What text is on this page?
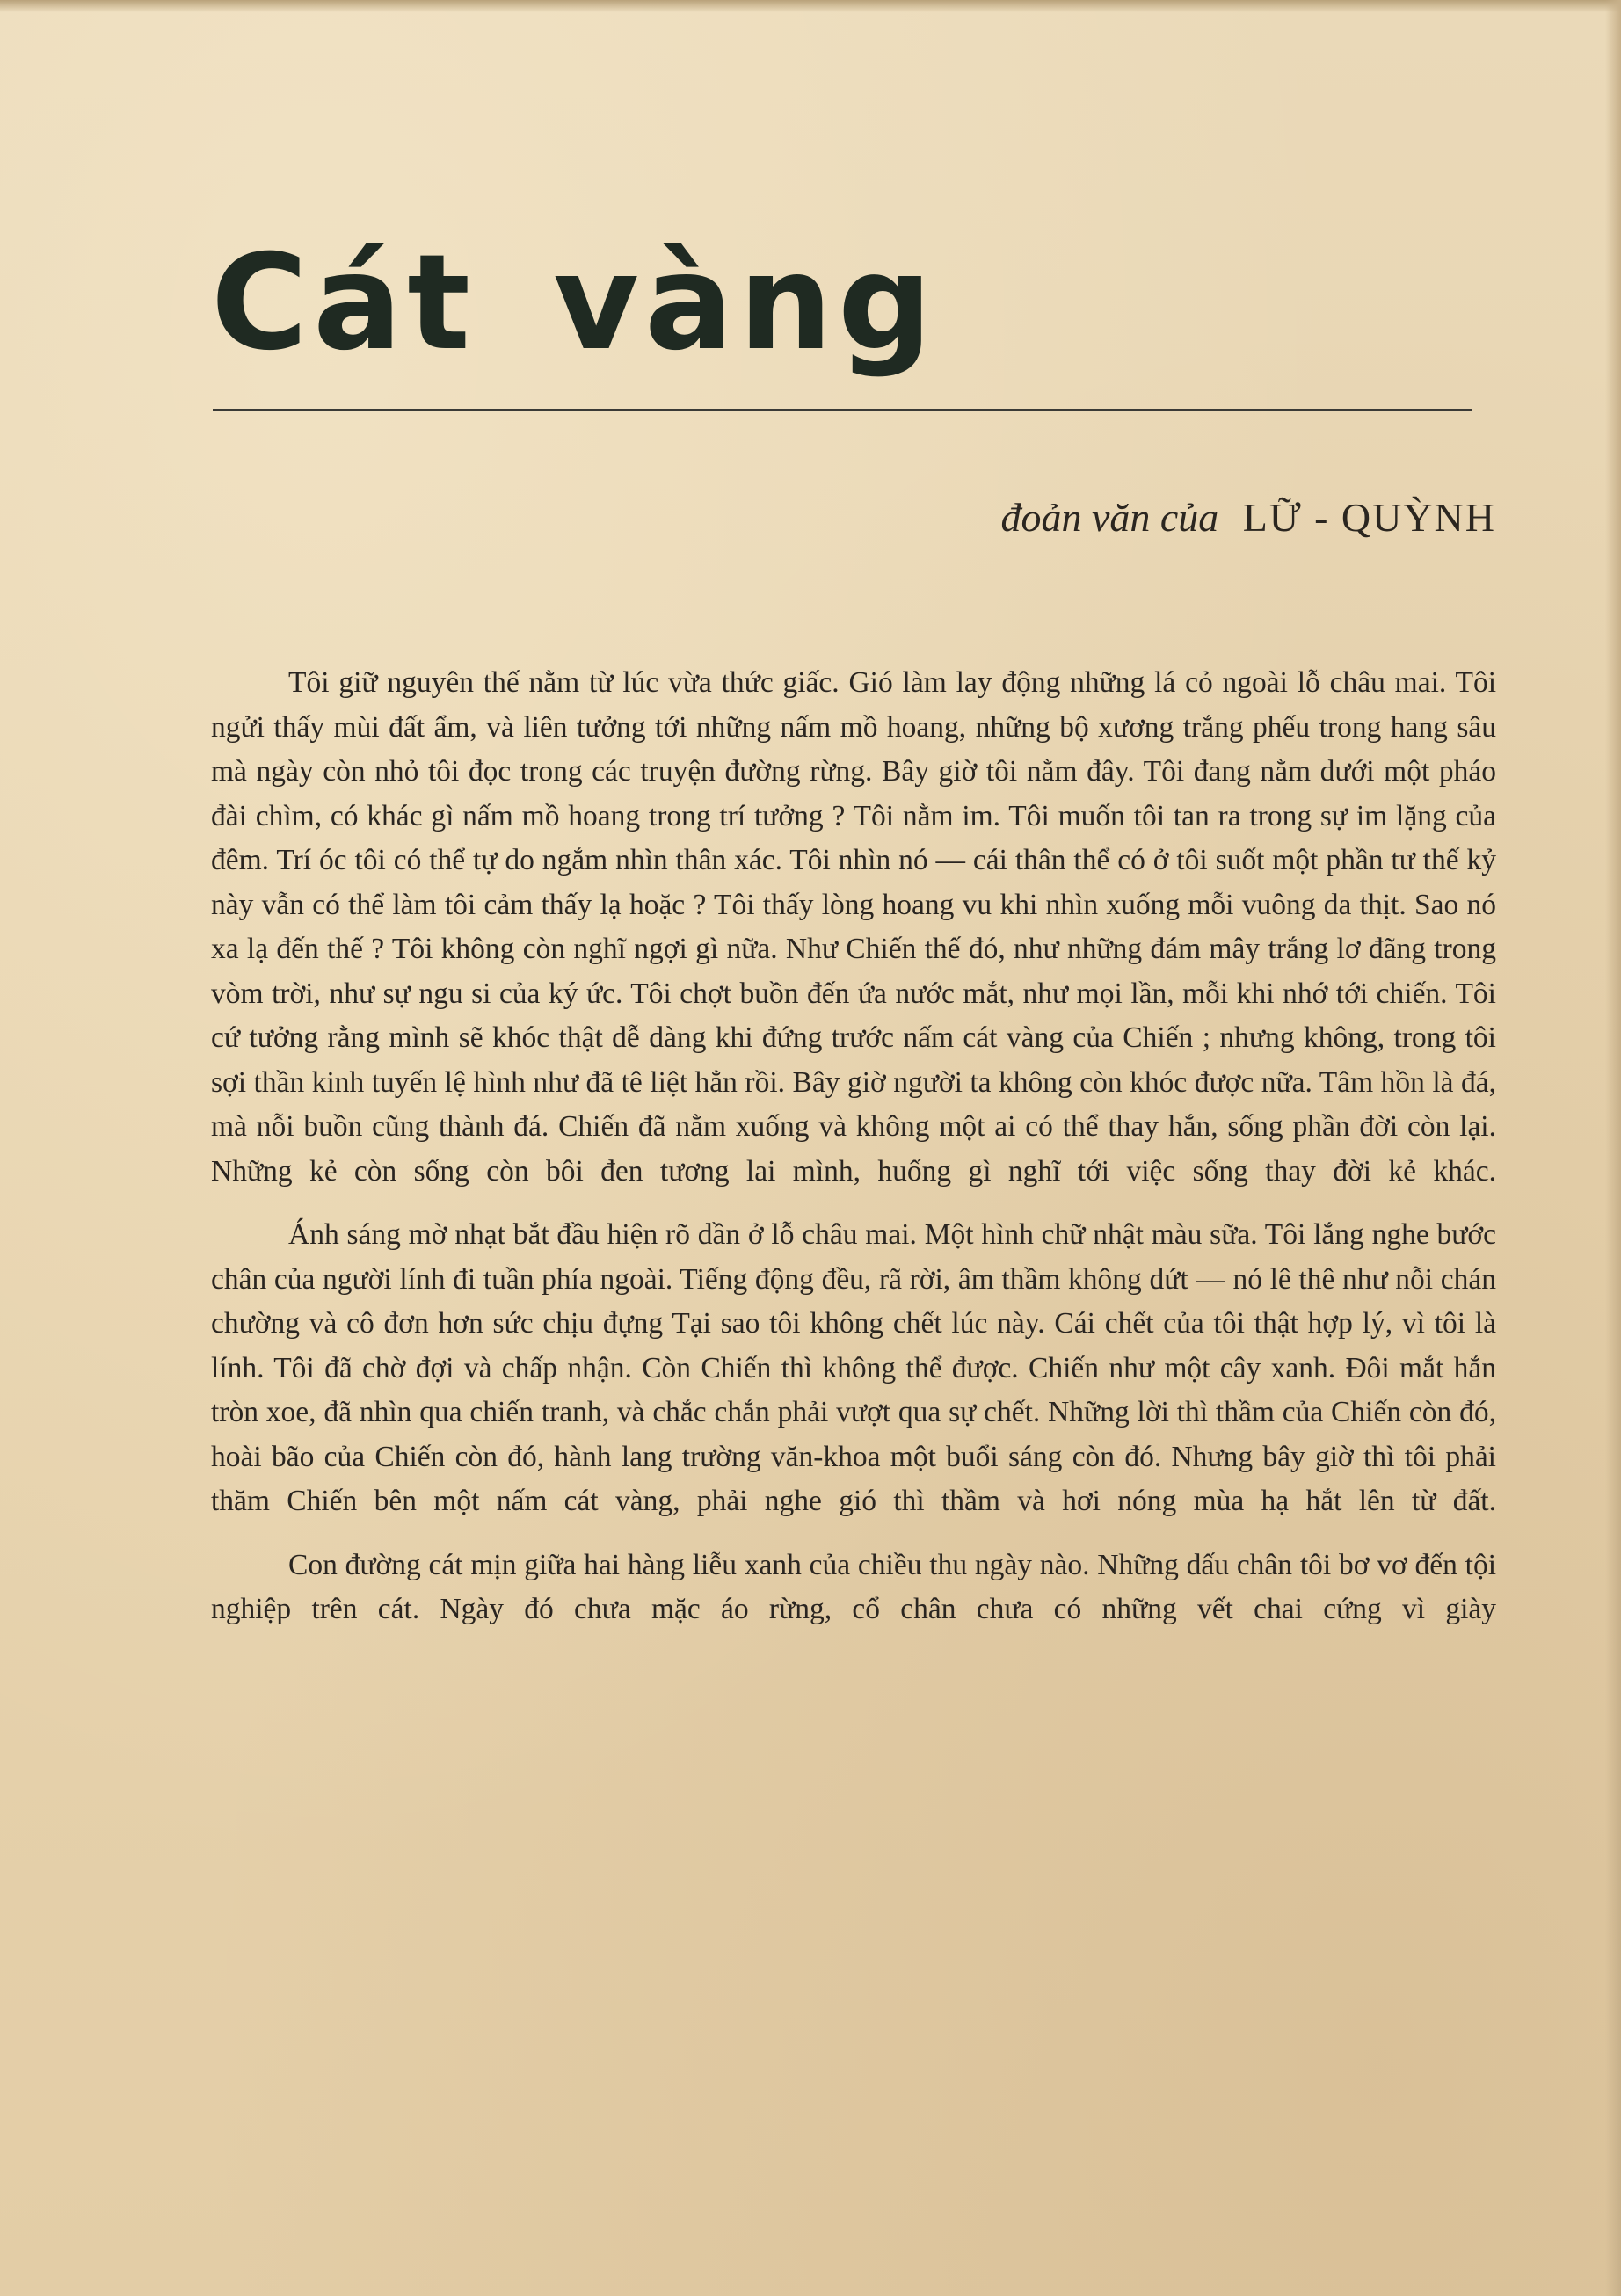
Cát vàng
đoản văn của LỮ - QUỲNH

Tôi giữ nguyên thế nằm từ lúc vừa thức giấc. Gió làm lay động những lá cỏ ngoài lỗ châu mai. Tôi ngửi thấy mùi đất ẩm, và liên tưởng tới những nấm mồ hoang, những bộ xương trắng phếu trong hang sâu mà ngày còn nhỏ tôi đọc trong các truyện đường rừng. Bây giờ tôi nằm đây. Tôi đang nằm dưới một pháo đài chìm, có khác gì nấm mồ hoang trong trí tưởng ? Tôi nằm im. Tôi muốn tôi tan ra trong sự im lặng của đêm. Trí óc tôi có thể tự do ngắm nhìn thân xác. Tôi nhìn nó — cái thân thể có ở tôi suốt một phần tư thế kỷ này vẫn có thể làm tôi cảm thấy lạ hoặc ? Tôi thấy lòng hoang vu khi nhìn xuống mỗi vuông da thịt. Sao nó xa lạ đến thế ? Tôi không còn nghĩ ngợi gì nữa. Như Chiến thế đó, như những đám mây trắng lơ đãng trong vòm trời, như sự ngu si của ký ức. Tôi chợt buồn đến ứa nước mắt, như mọi lần, mỗi khi nhớ tới chiến. Tôi cứ tưởng rằng mình sẽ khóc thật dễ dàng khi đứng trước nấm cát vàng của Chiến ; nhưng không, trong tôi sợi thần kinh tuyến lệ hình như đã tê liệt hẳn rồi. Bây giờ người ta không còn khóc được nữa. Tâm hồn là đá, mà nỗi buồn cũng thành đá. Chiến đã nằm xuống và không một ai có thể thay hắn, sống phần đời còn lại. Những kẻ còn sống còn bôi đen tương lai mình, huống gì nghĩ tới việc sống thay đời kẻ khác.

Ánh sáng mờ nhạt bắt đầu hiện rõ dần ở lỗ châu mai. Một hình chữ nhật màu sữa. Tôi lắng nghe bước chân của người lính đi tuần phía ngoài. Tiếng động đều, rã rời, âm thầm không dứt — nó lê thê như nỗi chán chường và cô đơn hơn sức chịu đựng Tại sao tôi không chết lúc này. Cái chết của tôi thật hợp lý, vì tôi là lính. Tôi đã chờ đợi và chấp nhận. Còn Chiến thì không thể được. Chiến như một cây xanh. Đôi mắt hắn tròn xoe, đã nhìn qua chiến tranh, và chắc chắn phải vượt qua sự chết. Những lời thì thầm của Chiến còn đó, hoài bão của Chiến còn đó, hành lang trường văn-khoa một buổi sáng còn đó. Nhưng bây giờ thì tôi phải thăm Chiến bên một nấm cát vàng, phải nghe gió thì thầm và hơi nóng mùa hạ hắt lên từ đất.

Con đường cát mịn giữa hai hàng liễu xanh của chiều thu ngày nào. Những dấu chân tôi bơ vơ đến tội nghiệp trên cát. Ngày đó chưa mặc áo rừng, cổ chân chưa có những vết chai cứng vì giày
